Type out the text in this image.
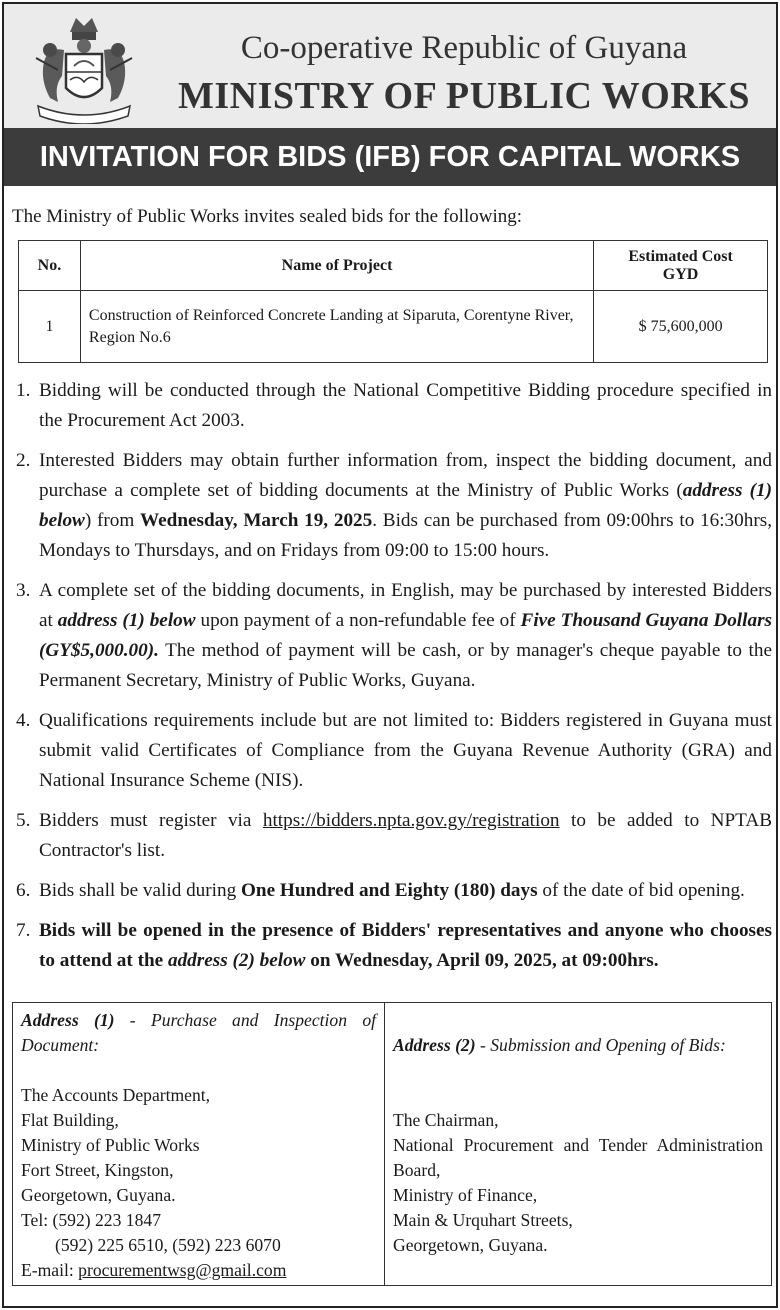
Co-operative Republic of Guyana
MINISTRY OF PUBLIC WORKS
INVITATION FOR BIDS (IFB) FOR CAPITAL WORKS
The Ministry of Public Works invites sealed bids for the following:
No.	Name of Project	Estimated Cost
GYD
1	Construction of Reinforced Concrete Landing at Siparuta, Corentyne River, Region No.6	$ 75,600,000
1. Bidding will be conducted through the National Competitive Bidding procedure specified in the Procurement Act 2003.
2. Interested Bidders may obtain further information from, inspect the bidding document, and purchase a complete set of bidding documents at the Ministry of Public Works (address (1) below) from Wednesday, March 19, 2025. Bids can be purchased from 09:00hrs to 16:30hrs, Mondays to Thursdays, and on Fridays from 09:00 to 15:00 hours.
3. A complete set of the bidding documents, in English, may be purchased by interested Bidders at address (1) below upon payment of a non-refundable fee of Five Thousand Guyana Dollars (GY$5,000.00). The method of payment will be cash, or by manager's cheque payable to the Permanent Secretary, Ministry of Public Works, Guyana.
4. Qualifications requirements include but are not limited to: Bidders registered in Guyana must submit valid Certificates of Compliance from the Guyana Revenue Authority (GRA) and National Insurance Scheme (NIS).
5. Bidders must register via https://bidders.npta.gov.gy/registration to be added to NPTAB Contractor's list.
6. Bids shall be valid during One Hundred and Eighty (180) days of the date of bid opening.
7. Bids will be opened in the presence of Bidders' representatives and anyone who chooses to attend at the address (2) below on Wednesday, April 09, 2025, at 09:00hrs.
Address (1) - Purchase and Inspection of Document:
The Accounts Department,
Flat Building,
Ministry of Public Works
Fort Street, Kingston,
Georgetown, Guyana.
Tel: (592) 223 1847
(592) 225 6510, (592) 223 6070
E-mail: procurementwsg@gmail.com
Address (2) - Submission and Opening of Bids:
The Chairman,
National Procurement and Tender Administration Board,
Ministry of Finance,
Main & Urquhart Streets,
Georgetown, Guyana.
